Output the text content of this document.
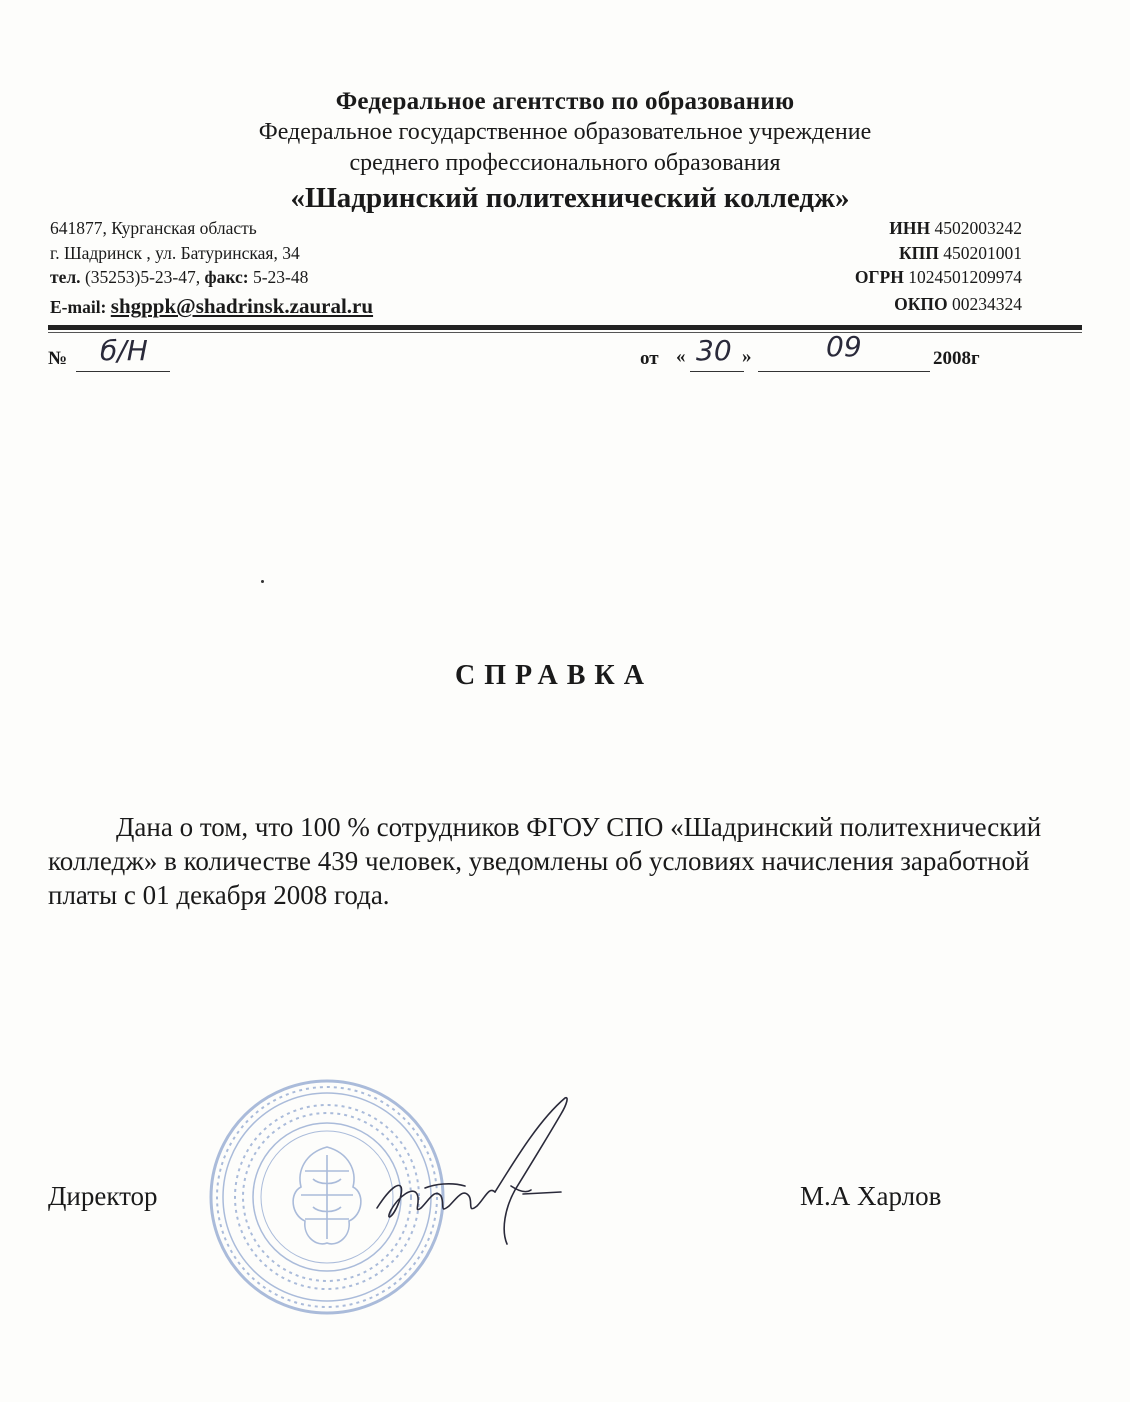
Федеральное агентство по образованию
Федеральное государственное образовательное учреждение
среднего профессионального образования
«Шадринский политехнический колледж»
641877, Курганская область
г. Шадринск , ул. Батуринская, 34
тел. (35253)5-23-47, факс: 5-23-48
E-mail: shgppk@shadrinsk.zaural.ru
ИНН 4502003242
КПП 450201001
ОГРН 1024501209974
ОКПО 00234324
№ б/Н	от « 30 »	09	2008г
СПРАВКА
Дана о том, что 100 % сотрудников ФГОУ СПО «Шадринский политехнический колледж» в количестве 439 человек, уведомлены об условиях начисления заработной платы с 01 декабря 2008 года.
Директор	М.А Харлов
